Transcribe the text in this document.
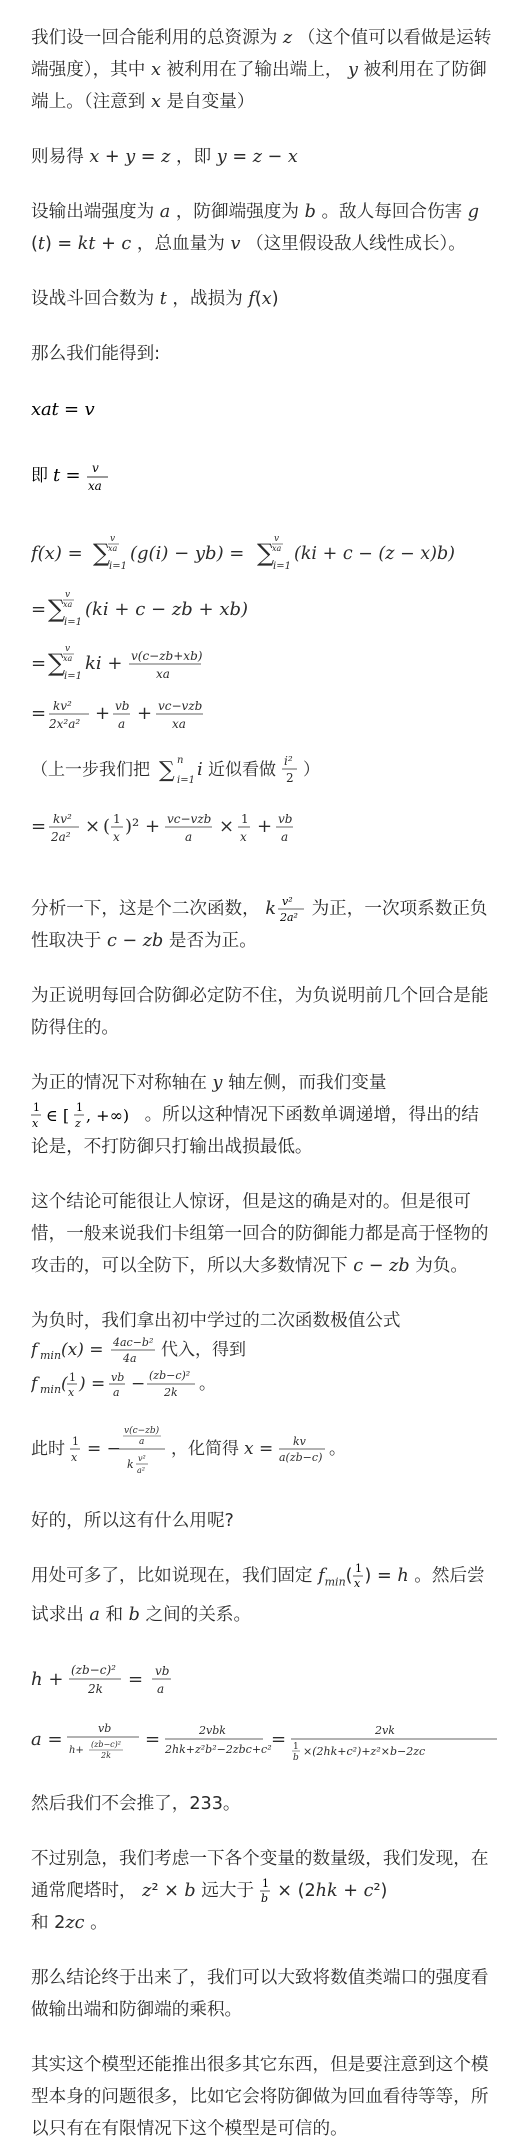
我们设一回合能利用的总资源为 z （这个值可以看做是运转端强度），其中 x 被利用在了输出端上， y 被利用在了防御端上。（注意到 x 是自变量）
则易得 x + y = z ，即 y = z − x
设输出端强度为 a ，防御端强度为 b 。敌人每回合伤害 g(t) = kt + c ，总血量为 v （这里假设敌人线性成长）。
设战斗回合数为 t ，战损为 f(x)
那么我们能得到:
xat = v
即 t = v
xa
f(x) = ∑ v
xa
i=1
(g(i) − yb) = ∑ v
xa
i=1
(ki + c − (z − x)b)
= ∑ v
xa
i=1
(ki + c − zb + xb)
= ∑ v
xa
i=1
ki + v(c−zb+xb)
xa
= kv²
2x²a² + vb
a + vc−vzb
xa
（上一步我们把 ∑ n
i=1
i 近似看做 i²
2 ）
= kv²
2a² × ( 1
x )² + vc−vzb
a × 1
x + vb
a
分析一下，这是个二次函数， k v²
2a² 为正，一次项系数正负性取决于 c − zb 是否为正。
为正说明每回合防御必定防不住，为负说明前几个回合是能防得住的。
为正的情况下对称轴在 y 轴左侧，而我们变量

1
x ∈ [ 1
z , +∞) 。所以这种情况下函数单调递增，得出的结论是，不打防御只打输出战损最低。
这个结论可能很让人惊讶，但是这的确是对的。但是很可惜，一般来说我们卡组第一回合的防御能力都是高于怪物的攻击的，可以全防下，所以大多数情况下 c − zb 为负。
为负时，我们拿出初中学过的二次函数极值公式

f min (x) = 4ac−b²
4a 代入，得到
f min ( 1
x ) = vb
a − (zb−c)²
2k 。
此时 1
x = −
v(c−zb)
a
k v²
a²
，化简得 x = kv
a(zb−c) 。
好的，所以这有什么用呢?
用处可多了，比如说现在，我们固定 $f_{min}$( 1
x ) = h 。然后尝试求出 a 和 b 之间的关系。
h + (zb−c)²
2k = vb
a
a =
vb
h+
(zb−c)²
2k
=	2vbk
2hk+z²b²−2zbc+c² =	2vk
1
b ×(2hk+c²)+z²×b−2zc
然后我们不会推了，233。
不过别急，我们考虑一下各个变量的数量级，我们发现，在通常爬塔时， z² × b 远大于 1
b × (2hk + c²)
和 2zc 。
那么结论终于出来了，我们可以大致将数值类端口的强度看做输出端和防御端的乘积。
其实这个模型还能推出很多其它东西，但是要注意到这个模型本身的问题很多，比如它会将防御做为回血看待等等，所以只有在有限情况下这个模型是可信的。
